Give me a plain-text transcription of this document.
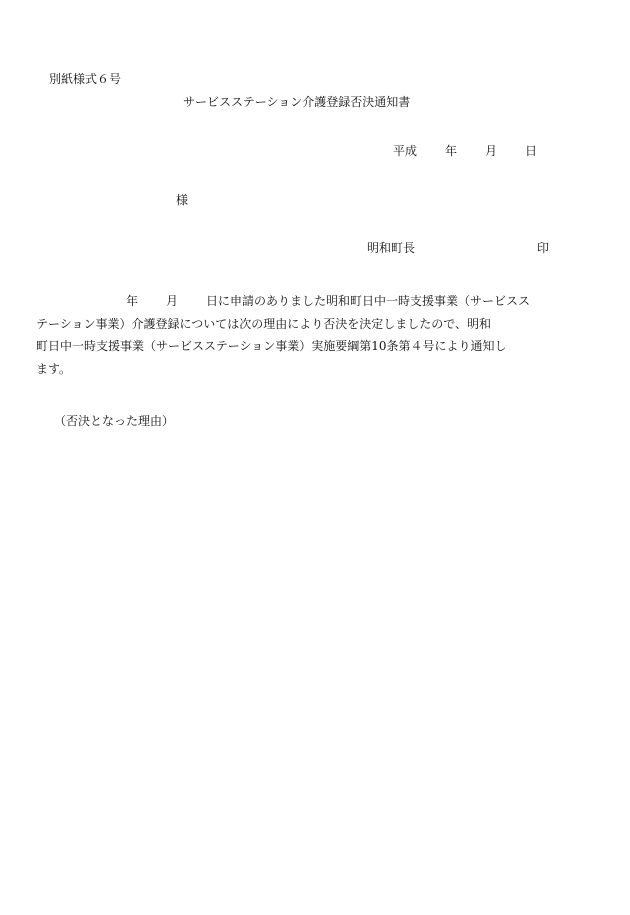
別紙様式６号
サービスステーション介護登録否決通知書
平成 年 月 日
様
明和町長	印
年 月 日に申請のありました明和町日中一時支援事業（サービスス
テーション事業）介護登録については次の理由により否決を決定しましたので、明和
町日中一時支援事業（サービスステーション事業）実施要綱第10条第４号により通知し
ます。
（否決となった理由）
